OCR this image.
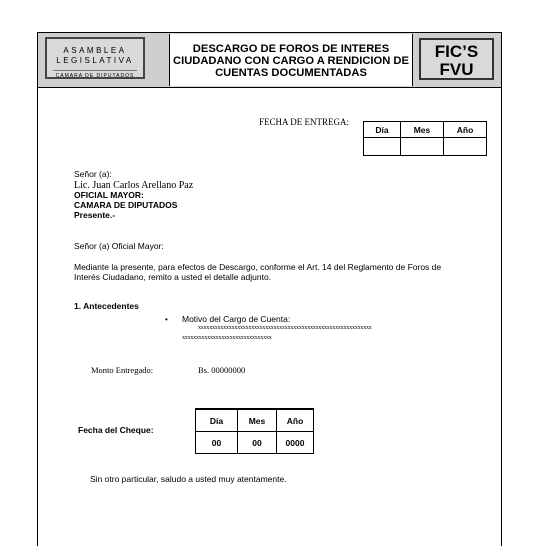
ASAMBLEA
LEGISLATIVA
CAMARA DE DIPUTADOS
DESCARGO DE FOROS DE INTERES
CIUDADANO CON CARGO A RENDICION DE
CUENTAS DOCUMENTADAS
FIC’S
FVU
FECHA DE ENTREGA:
Día	Mes	Año

Señor (a):
Lic. Juan Carlos Arellano Paz
OFICIAL MAYOR:
CAMARA DE DIPUTADOS
Presente.-
Señor (a) Oficial Mayor:
Mediante la presente, para efectos de Descargo, conforme el Art. 14 del Reglamento de Foros de
Interés Ciudadano, remito a usted el detalle adjunto.
1. Antecedentes
• Motivo del Cargo de Cuenta:
xxxxxxxxxxxxxxxxxxxxxxxxxxxxxxxxxxxxxxxxxxxxxxxxxxxxxxxxxxxxxx
xxxxxxxxxxxxxxxxxxxxxxxxxxxxxxxx
Monto Entregado:	Bs. 00000000
Fecha del Cheque:
Día	Mes	Año
00	00	0000
Sin otro particular, saludo a usted muy atentamente.
